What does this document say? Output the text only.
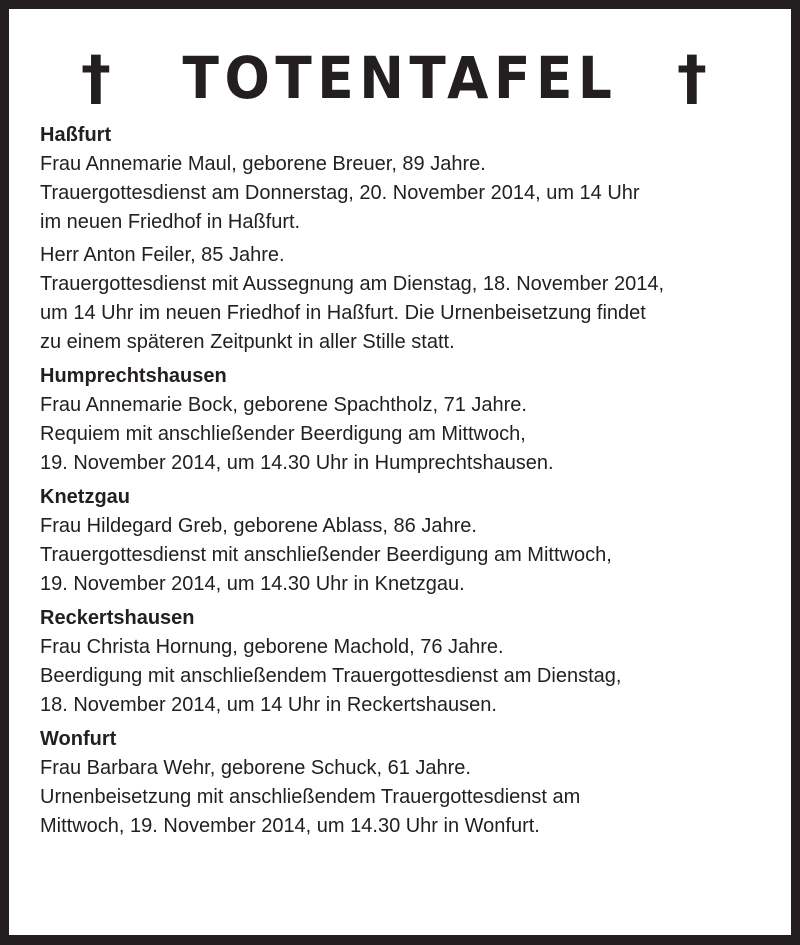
†	TOTENTAFEL †

Haßfurt

Frau Annemarie Maul, geborene Breuer, 89 Jahre.

Trauergottesdienst am Donnerstag, 20. November 2014, um 14 Uhr

im neuen Friedhof in Haßfurt.

Herr Anton Feiler, 85 Jahre.

Trauergottesdienst mit Aussegnung am Dienstag, 18. November 2014,

um 14 Uhr im neuen Friedhof in Haßfurt. Die Urnenbeisetzung findet

zu einem späteren Zeitpunkt in aller Stille statt.

Humprechtshausen

Frau Annemarie Bock, geborene Spachtholz, 71 Jahre.

Requiem mit anschließender Beerdigung am Mittwoch,

19. November 2014, um 14.30 Uhr in Humprechtshausen.

Knetzgau

Frau Hildegard Greb, geborene Ablass, 86 Jahre.

Trauergottesdienst mit anschließender Beerdigung am Mittwoch,

19. November 2014, um 14.30 Uhr in Knetzgau.

Reckertshausen

Frau Christa Hornung, geborene Machold, 76 Jahre.

Beerdigung mit anschließendem Trauergottesdienst am Dienstag,

18. November 2014, um 14 Uhr in Reckertshausen.

Wonfurt

Frau Barbara Wehr, geborene Schuck, 61 Jahre.

Urnenbeisetzung mit anschließendem Trauergottesdienst am

Mittwoch, 19. November 2014, um 14.30 Uhr in Wonfurt.
